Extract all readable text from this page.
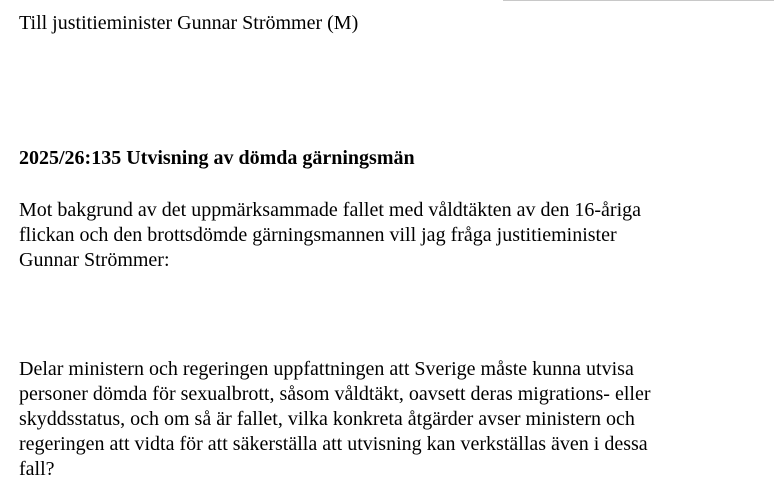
Till justitieminister Gunnar Strömmer (M)
2025/26:135 Utvisning av dömda gärningsmän
Mot bakgrund av det uppmärksammade fallet med våldtäkten av den 16-åriga
flickan och den brottsdömde gärningsmannen vill jag fråga justitieminister
Gunnar Strömmer:
Delar ministern och regeringen uppfattningen att Sverige måste kunna utvisa
personer dömda för sexualbrott, såsom våldtäkt, oavsett deras migrations- eller
skyddsstatus, och om så är fallet, vilka konkreta åtgärder avser ministern och
regeringen att vidta för att säkerställa att utvisning kan verkställas även i dessa
fall?
